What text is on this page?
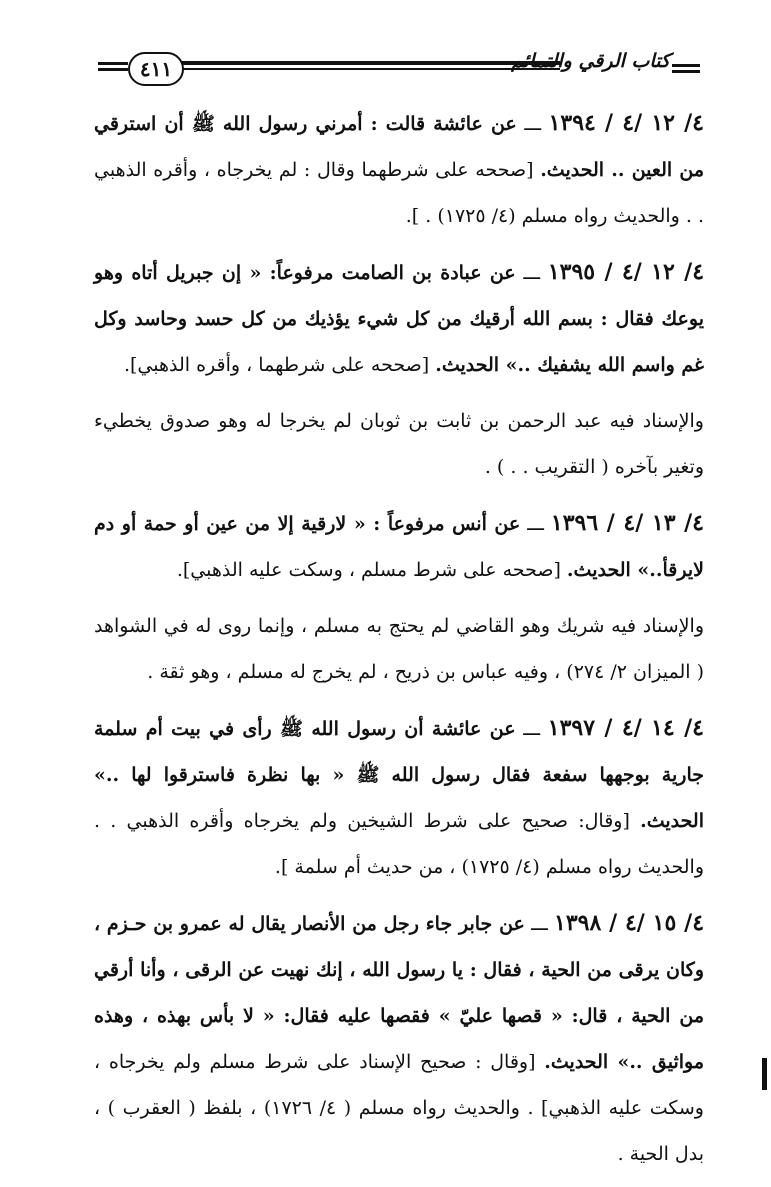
٤١١	كتاب الرقي والتمائم

٤/ ١٢ /٤ / ١٣٩٤ ـــ عن عائشة قالت : أمرني رسول الله ﷺ أن استرقي من العين .. الحديث. [صححه على شرطهما وقال : لم يخرجاه ، وأقره الذهبي . . والحديث رواه مسلم (٤/ ١٧٢٥) . ].

٤/ ١٢ /٤ / ١٣٩٥ ـــ عن عبادة بن الصامت مرفوعاً: « إن جبريل أتاه وهو يوعك فقال : بسم الله أرقيك من كل شيء يؤذيك من كل حسد وحاسد وكل غم واسم الله يشفيك ..» الحديث. [صححه على شرطهما ، وأقره الذهبي].

والإسناد فيه عبد الرحمن بن ثابت بن ثوبان لم يخرجا له وهو صدوق يخطيء وتغير بآخره ( التقريب . . ) .

٤/ ١٣ /٤ / ١٣٩٦ ـــ عن أنس مرفوعاً : « لارقية إلا من عين أو حمة أو دم لايرقأ..» الحديث. [صححه على شرط مسلم ، وسكت عليه الذهبي].

والإسناد فيه شريك وهو القاضي لم يحتج به مسلم ، وإنما روى له في الشواهد ( الميزان ٢/ ٢٧٤) ، وفيه عباس بن ذريح ، لم يخرج له مسلم ، وهو ثقة .

٤/ ١٤ /٤ / ١٣٩٧ ـــ عن عائشة أن رسول الله ﷺ رأى في بيت أم سلمة جارية بوجهها سفعة فقال رسول الله ﷺ « بها نظرة فاسترقوا لها ..» الحديث. [وقال: صحيح على شرط الشيخين ولم يخرجاه وأقره الذهبي . . والحديث رواه مسلم (٤/ ١٧٢٥) ، من حديث أم سلمة ].

٤/ ١٥ /٤ / ١٣٩٨ ـــ عن جابر جاء رجل من الأنصار يقال له عمرو بن حـزم ، وكان يرقى من الحية ، فقال : يا رسول الله ، إنك نهيت عن الرقى ، وأنا أرقي من الحية ، قال: « قصها عليّ » فقصها عليه فقال: « لا بأس بهذه ، وهذه مواثيق ..» الحديث. [وقال : صحيح الإسناد على شرط مسلم ولم يخرجاه ، وسكت عليه الذهبي] . والحديث رواه مسلم ( ٤/ ١٧٢٦) ، بلفظ ( العقرب ) ، بدل الحية .
